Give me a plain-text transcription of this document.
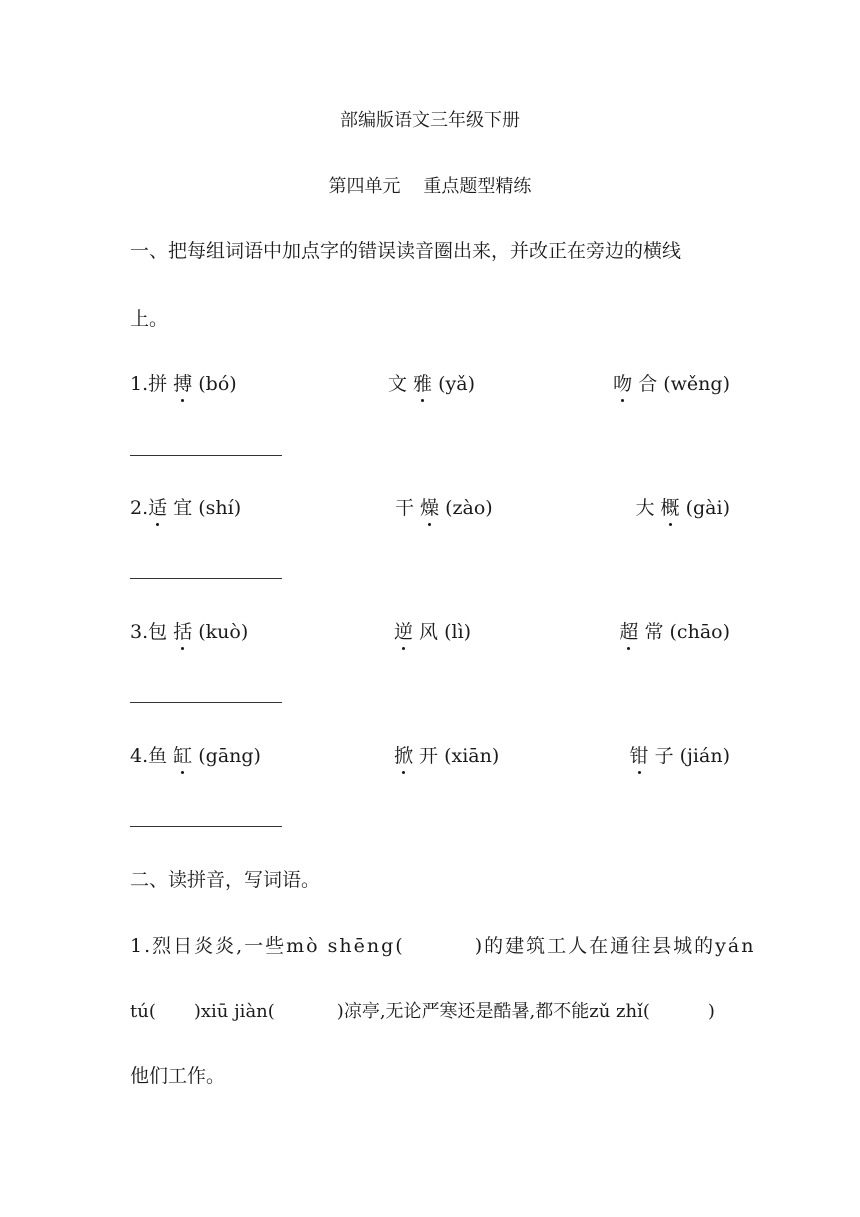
部编版语文三年级下册
第四单元    重点题型精练
一、把每组词语中加点字的错误读音圈出来，并改正在旁边的横线
上。
1.拼 搏 (bó)	文 雅 (yǎ)	吻 合 (wěng)
2.适 宜 (shí)	干 燥 (zào)	大 概 (gài)
3.包 括 (kuò)	逆 风 (lì)	超 常 (chāo)
4.鱼 缸 (gāng)	掀 开 (xiān)	钳 子 (jián)
二、读拼音，写词语。
1.烈日炎炎,一些mò shēng(	)的建筑工人在通往县城的yán
tú( )xiū jiàn(	)凉亭,无论严寒还是酷暑,都不能zǔ zhǐ(	)
他们工作。
